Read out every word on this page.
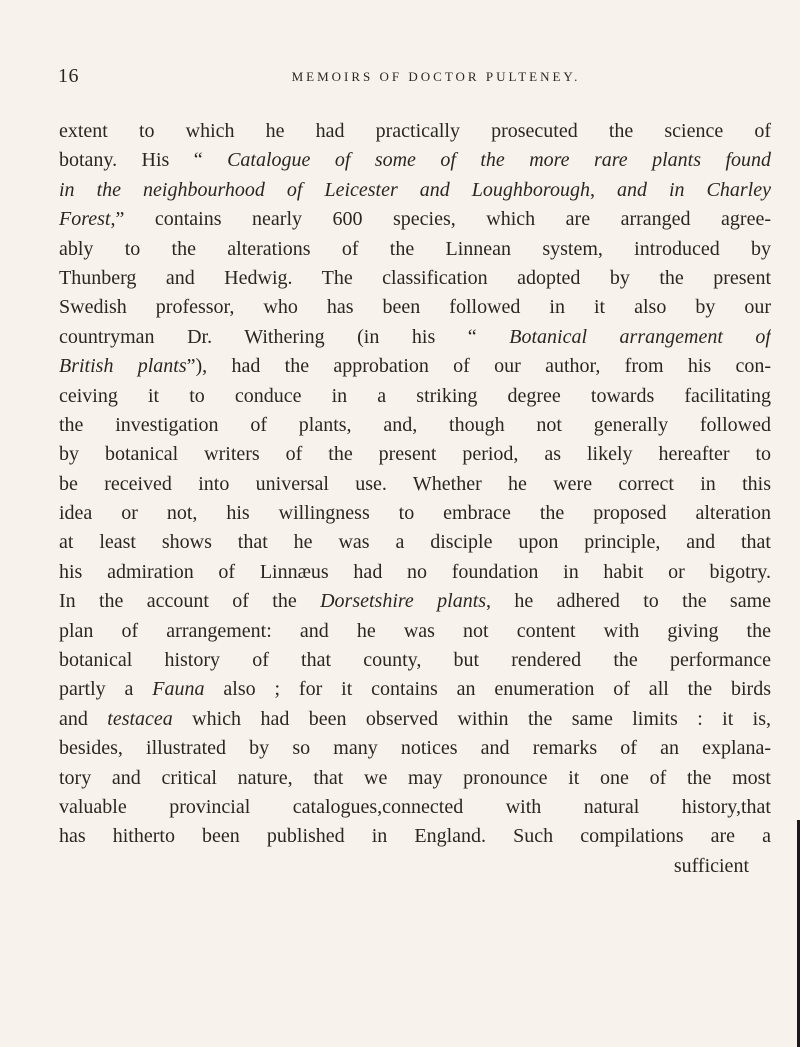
16	MEMOIRS OF DOCTOR PULTENEY.
extent to which he had practically prosecuted the science of
botany. His “ Catalogue of some of the more rare plants found
in the neighbourhood of Leicester and Loughborough, and in Charley
Forest,” contains nearly 600 species, which are arranged agree-
ably to the alterations of the Linnean system, introduced by
Thunberg and Hedwig. The classification adopted by the present
Swedish professor, who has been followed in it also by our
countryman Dr. Withering (in his “ Botanical arrangement of
British plants”), had the approbation of our author, from his con-
ceiving it to conduce in a striking degree towards facilitating
the investigation of plants, and, though not generally followed
by botanical writers of the present period, as likely hereafter to
be received into universal use. Whether he were correct in this
idea or not, his willingness to embrace the proposed alteration
at least shows that he was a disciple upon principle, and that
his admiration of Linnæus had no foundation in habit or bigotry.
In the account of the Dorsetshire plants, he adhered to the same
plan of arrangement: and he was not content with giving the
botanical history of that county, but rendered the performance
partly a Fauna also ; for it contains an enumeration of all the birds
and testacea which had been observed within the same limits : it is,
besides, illustrated by so many notices and remarks of an explana-
tory and critical nature, that we may pronounce it one of the most
valuable provincial catalogues,connected with natural history,that
has hitherto been published in England. Such compilations are a
sufficient
